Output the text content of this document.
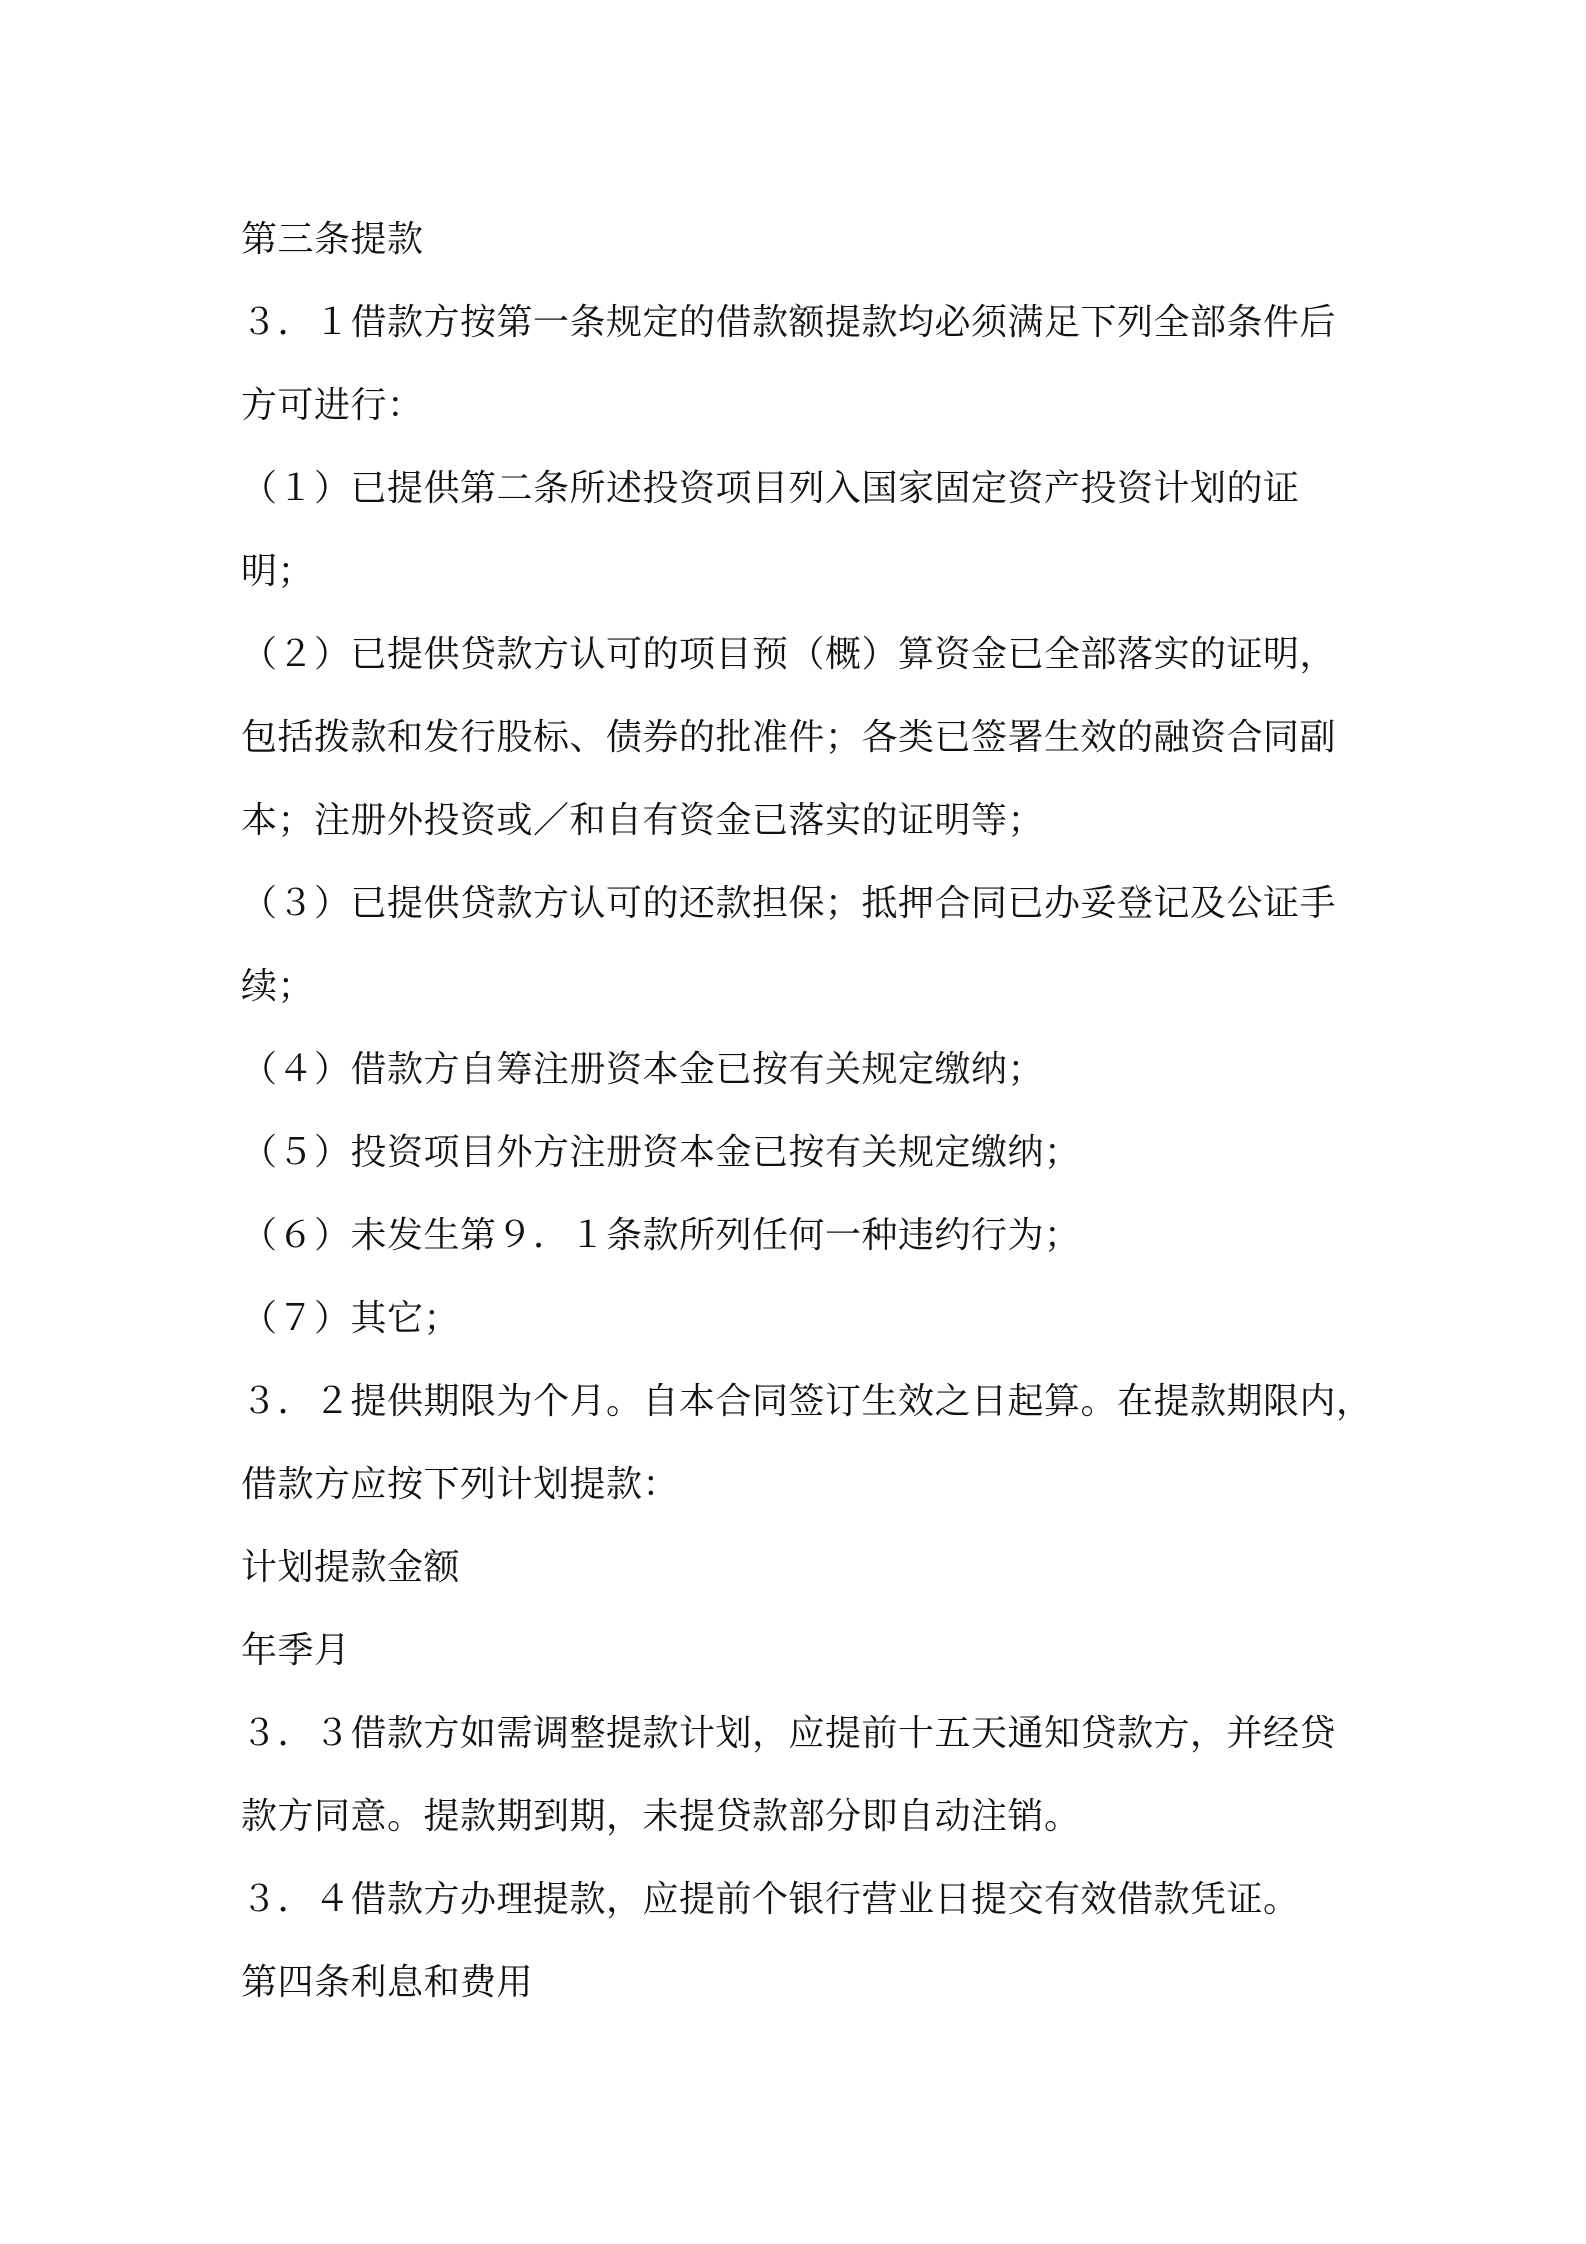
第三条提款
３．１借款方按第一条规定的借款额提款均必须满足下列全部条件后
方可进行：
（１）已提供第二条所述投资项目列入国家固定资产投资计划的证
明；
（２）已提供贷款方认可的项目预（概）算资金已全部落实的证明，
包括拨款和发行股标、债券的批准件；各类已签署生效的融资合同副
本；注册外投资或／和自有资金已落实的证明等；
（３）已提供贷款方认可的还款担保；抵押合同已办妥登记及公证手
续；
（４）借款方自筹注册资本金已按有关规定缴纳；
（５）投资项目外方注册资本金已按有关规定缴纳；
（６）未发生第９．１条款所列任何一种违约行为；
（７）其它；
３．２提供期限为个月。自本合同签订生效之日起算。在提款期限内，
借款方应按下列计划提款：
计划提款金额
年季月
３．３借款方如需调整提款计划，应提前十五天通知贷款方，并经贷
款方同意。提款期到期，未提贷款部分即自动注销。
３．４借款方办理提款，应提前个银行营业日提交有效借款凭证。
第四条利息和费用
